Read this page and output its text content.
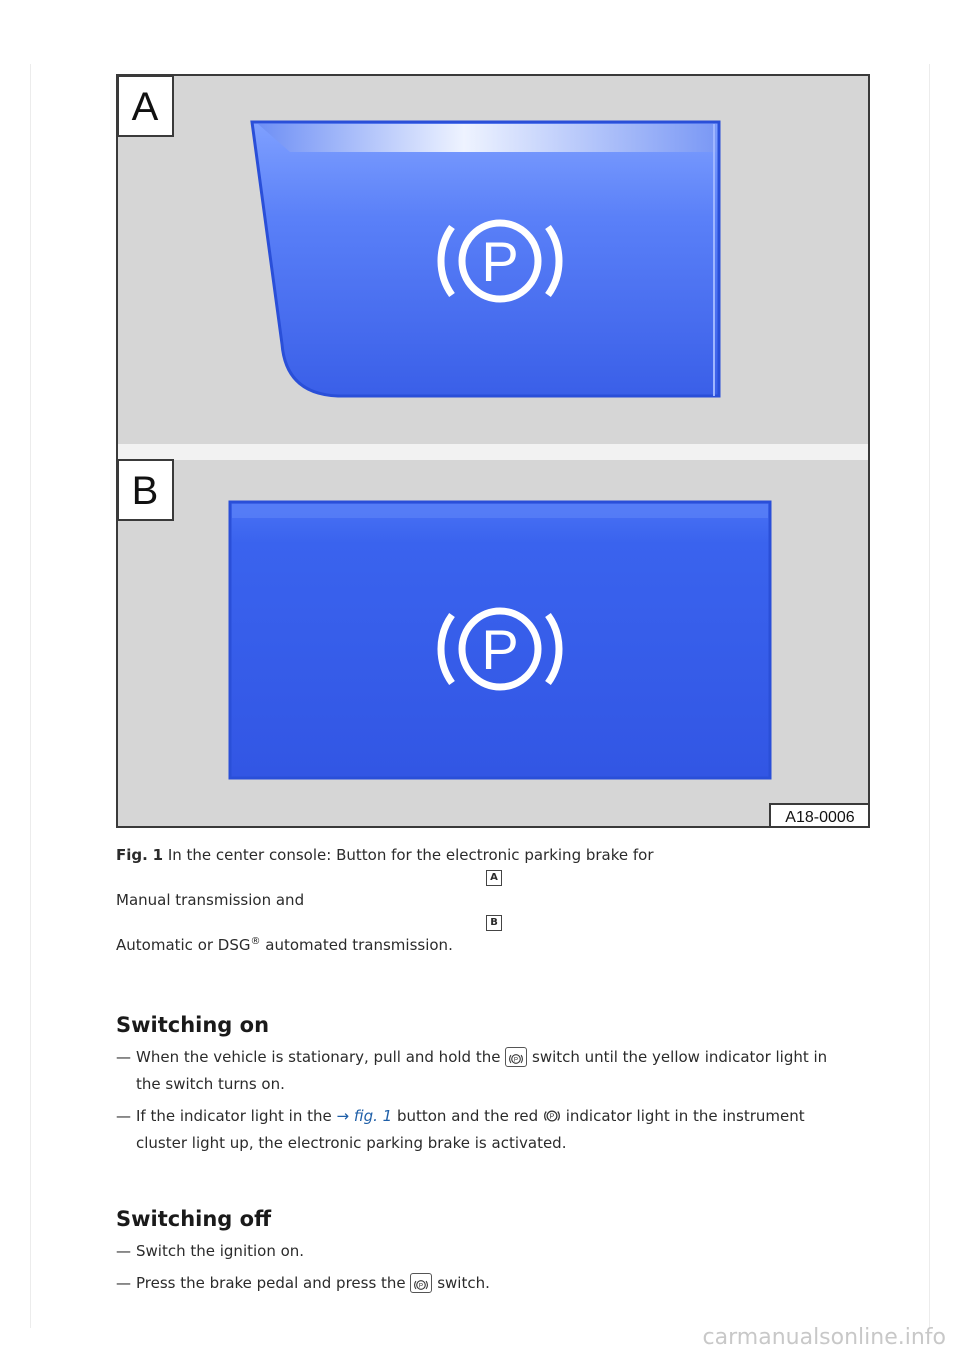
P
P
A
B
A18-0006
Fig. 1 In the center console: Button for the electronic parking brake for
A
Manual transmission and
B
Automatic or DSG® automated transmission.
Switching on
— When the vehicle is stationary, pull and hold the P switch until the yellow indicator light in
the switch turns on.
— If the indicator light in the → fig. 1 button and the red P indicator light in the instrument
cluster light up, the electronic parking brake is activated.
Switching off
— Switch the ignition on.
— Press the brake pedal and press the P switch.
carmanualsonline.info
